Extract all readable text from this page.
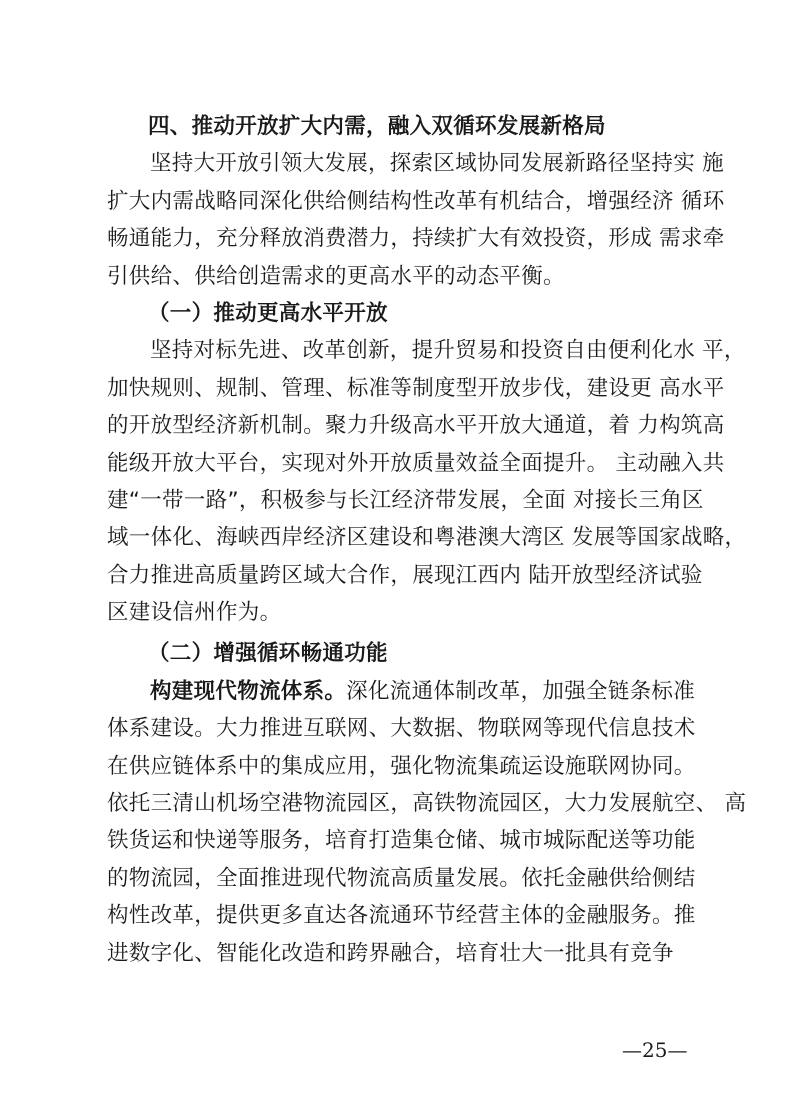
四、推动开放扩大内需，融入双循环发展新格局
坚持大开放引领大发展，探索区域协同发展新路径坚持实 施
扩大内需战略同深化供给侧结构性改革有机结合，增强经济 循环
畅通能力，充分释放消费潜力，持续扩大有效投资，形成 需求牵
引供给、供给创造需求的更高水平的动态平衡。
（一）推动更高水平开放
坚持对标先进、改革创新，提升贸易和投资自由便利化水 平，
加快规则、规制、管理、标准等制度型开放步伐，建设更 高水平
的开放型经济新机制。聚力升级高水平开放大通道，着 力构筑高
能级开放大平台，实现对外开放质量效益全面提升。 主动融入共
建“一带一路”，积极参与长江经济带发展，全面 对接长三角区
域一体化、海峡西岸经济区建设和粤港澳大湾区 发展等国家战略，
合力推进高质量跨区域大合作，展现江西内 陆开放型经济试验
区建设信州作为。
（二）增强循环畅通功能
构建现代物流体系。深化流通体制改革，加强全链条标准
体系建设。大力推进互联网、大数据、物联网等现代信息技术
在供应链体系中的集成应用，强化物流集疏运设施联网协同。
依托三清山机场空港物流园区，高铁物流园区，大力发展航空、 高
铁货运和快递等服务，培育打造集仓储、城市城际配送等功能
的物流园，全面推进现代物流高质量发展。依托金融供给侧结
构性改革，提供更多直达各流通环节经营主体的金融服务。推
进数字化、智能化改造和跨界融合，培育壮大一批具有竞争
—25—
